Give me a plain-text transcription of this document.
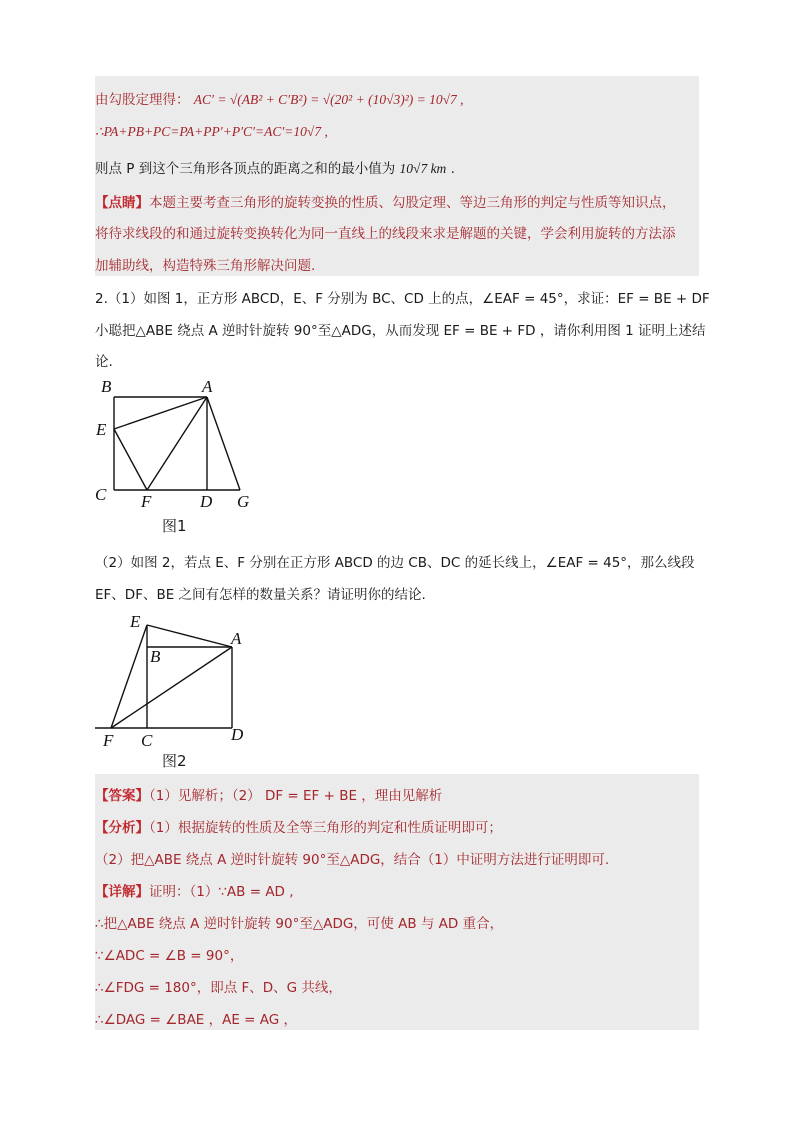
由勾股定理得： AC′ = √(AB² + C′B²) = √(20² + (10√3)²) = 10√7 ,
∴PA+PB+PC=PA+PP′+P′C′=AC′=10√7 ,
则点 P 到这个三角形各顶点的距离之和的最小值为 10√7 km .
【点睛】本题主要考查三角形的旋转变换的性质、勾股定理、等边三角形的判定与性质等知识点，
将待求线段的和通过旋转变换转化为同一直线上的线段来求是解题的关键，学会利用旋转的方法添
加辅助线，构造特殊三角形解决问题.
2.（1）如图 1，正方形 ABCD，E、F 分别为 BC、CD 上的点，∠EAF = 45°，求证：EF = BE + DF
小聪把△ABE 绕点 A 逆时针旋转 90°至△ADG，从而发现 EF = BE + FD ，请你利用图 1 证明上述结
论.
B	A
E
C F	D G
图1
（2）如图 2，若点 E、F 分别在正方形 ABCD 的边 CB、DC 的延长线上，∠EAF = 45°，那么线段
EF、DF、BE 之间有怎样的数量关系？请证明你的结论.
E
B
A
F C	D
图2
【答案】（1）见解析；（2） DF = EF + BE ，理由见解析
【分析】（1）根据旋转的性质及全等三角形的判定和性质证明即可；
（2）把△ABE 绕点 A 逆时针旋转 90°至△ADG，结合（1）中证明方法进行证明即可.
【详解】证明：（1）∵AB = AD ,
∴把△ABE 绕点 A 逆时针旋转 90°至△ADG，可使 AB 与 AD 重合，
∵∠ADC = ∠B = 90°，
∴∠FDG = 180°，即点 F、D、G 共线，
∴∠DAG = ∠BAE ，AE = AG ，
